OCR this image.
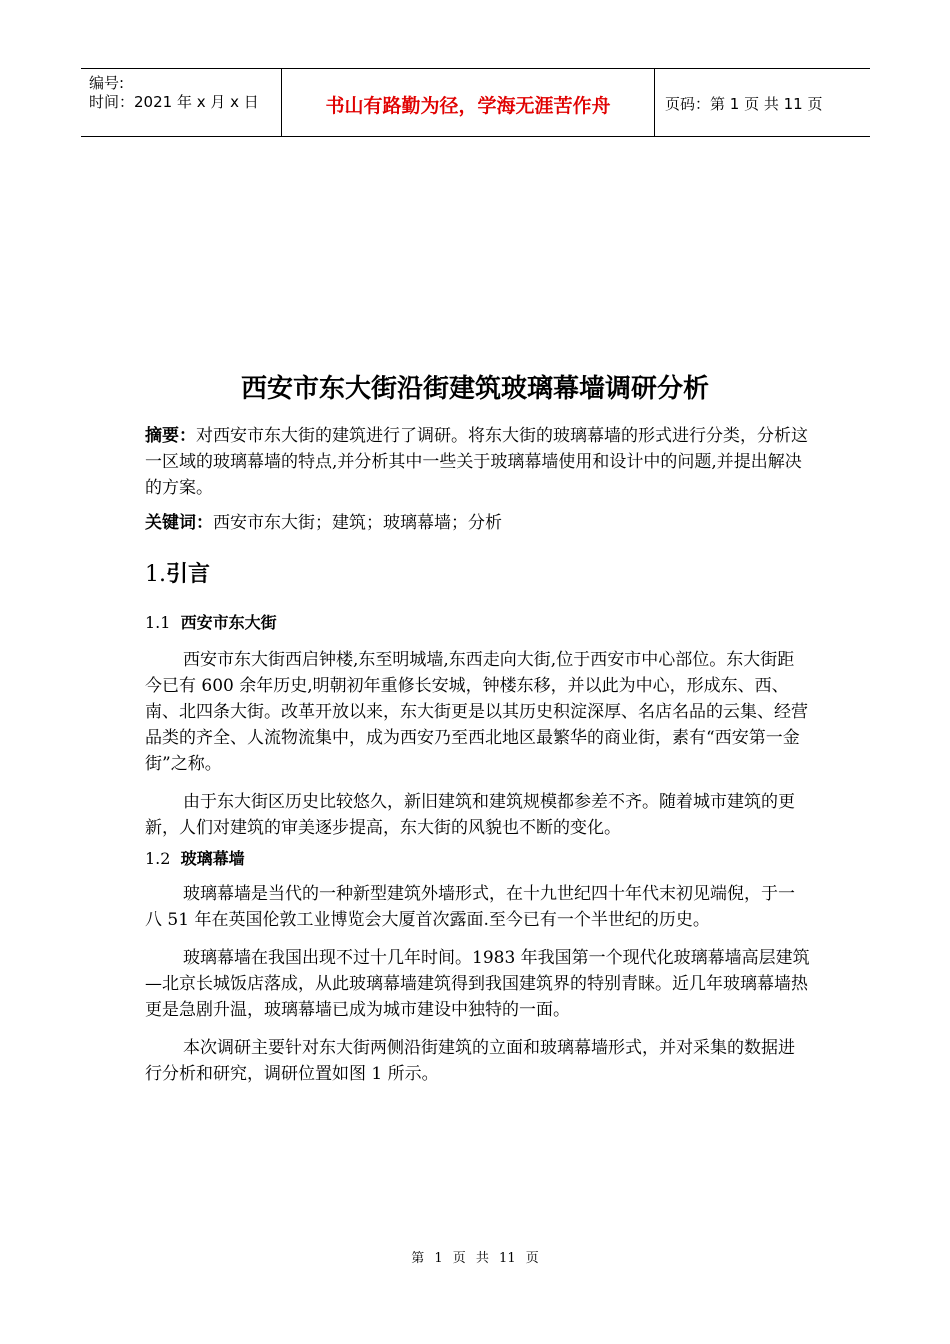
编号:
时间：2021 年 x 月 x 日	书山有路勤为径，学海无涯苦作舟	页码：第 1 页 共 11 页
西安市东大街沿街建筑玻璃幕墙调研分析
摘要：对西安市东大街的建筑进行了调研。将东大街的玻璃幕墙的形式进行分类，分析这一区域的玻璃幕墙的特点,并分析其中一些关于玻璃幕墙使用和设计中的问题,并提出解决的方案。
关键词：西安市东大街；建筑；玻璃幕墙；分析
1.引言
1.1 西安市东大街

西安市东大街西启钟楼,东至明城墙,东西走向大街,位于西安市中心部位。东大街距今已有 600 余年历史,明朝初年重修长安城，钟楼东移，并以此为中心，形成东、西、南、北四条大街。改革开放以来，东大街更是以其历史积淀深厚、名店名品的云集、经营品类的齐全、人流物流集中，成为西安乃至西北地区最繁华的商业街，素有“西安第一金街”之称。

由于东大街区历史比较悠久，新旧建筑和建筑规模都参差不齐。随着城市建筑的更新，人们对建筑的审美逐步提高，东大街的风貌也不断的变化。

1.2 玻璃幕墙

玻璃幕墙是当代的一种新型建筑外墙形式，在十九世纪四十年代末初见端倪，于一八 51 年在英国伦敦工业博览会大厦首次露面.至今已有一个半世纪的历史。

玻璃幕墙在我国出现不过十几年时间。1983 年我国第一个现代化玻璃幕墙高层建筑—北京长城饭店落成，从此玻璃幕墙建筑得到我国建筑界的特别青睐。近几年玻璃幕墙热更是急剧升温，玻璃幕墙已成为城市建设中独特的一面。

本次调研主要针对东大街两侧沿街建筑的立面和玻璃幕墙形式，并对采集的数据进行分析和研究，调研位置如图 1 所示。

第 1 页 共 11 页
